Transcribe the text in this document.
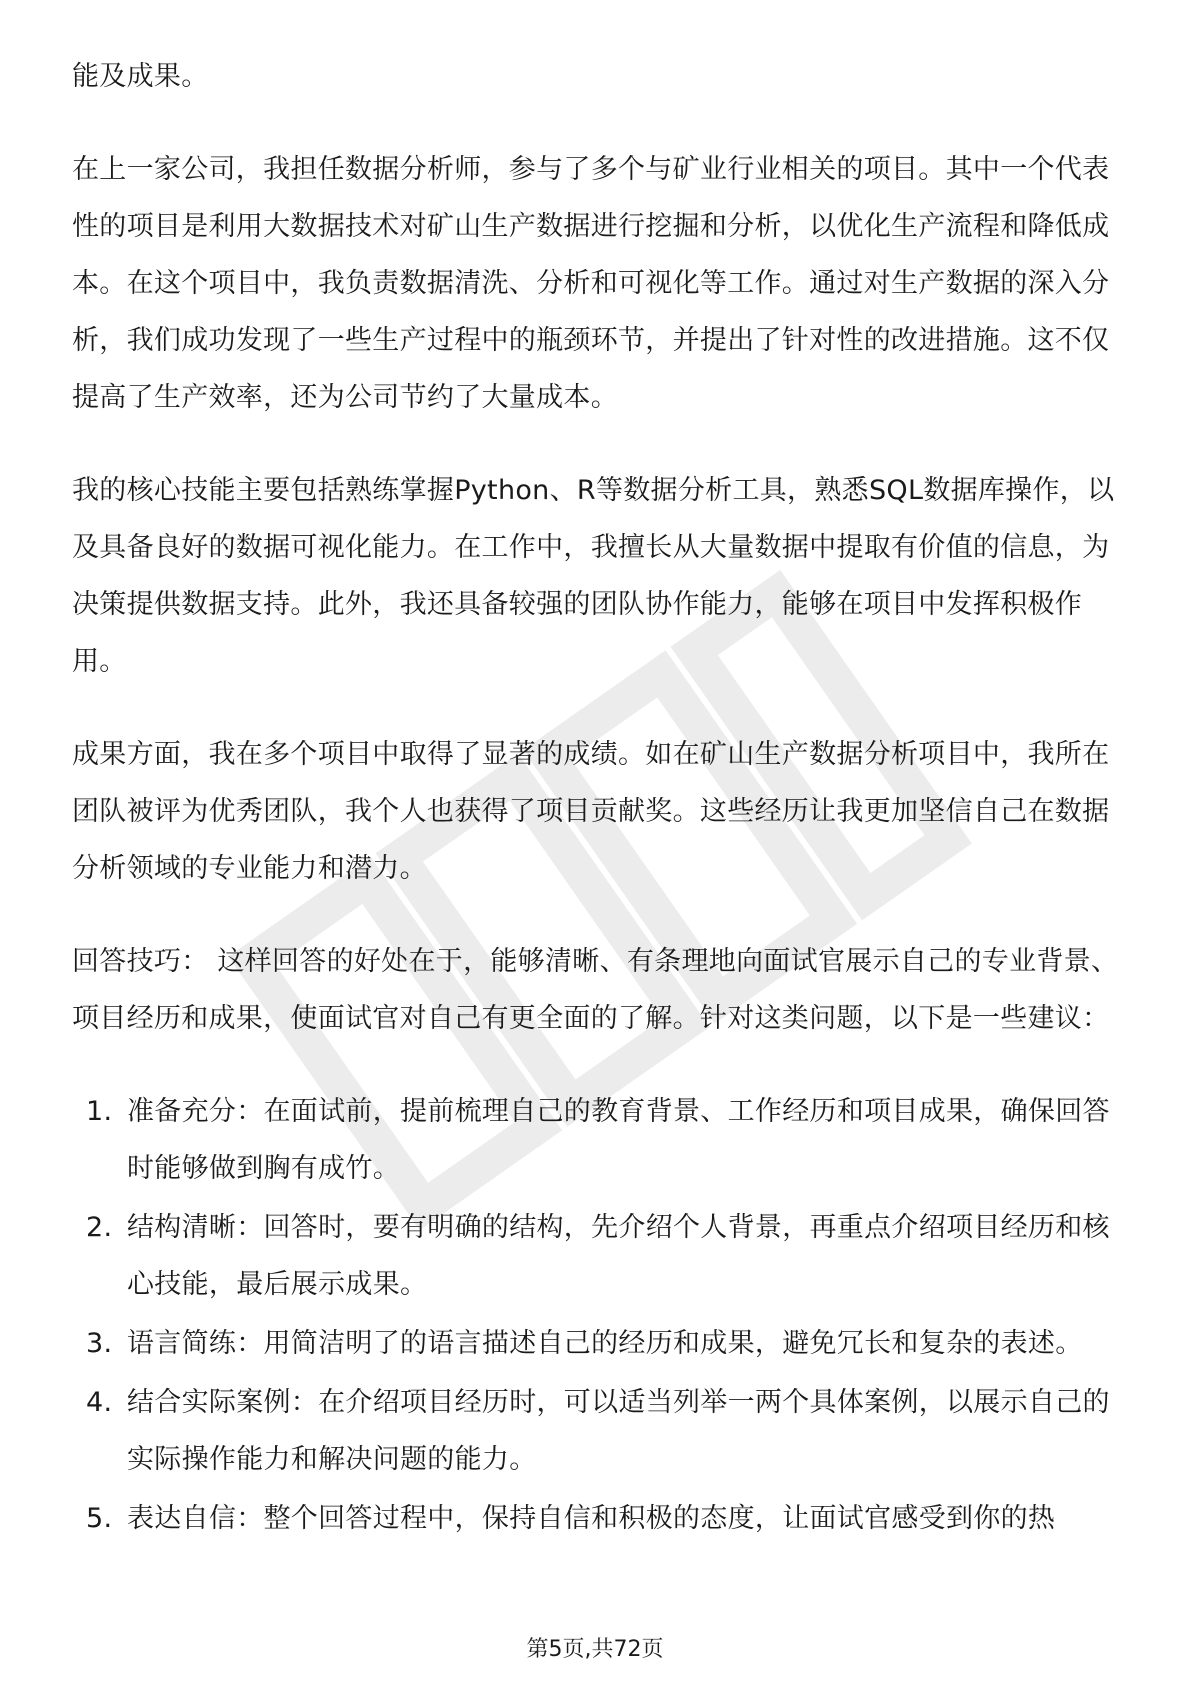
能及成果。

在上一家公司，我担任数据分析师，参与了多个与矿业行业相关的项目。其中一个代表性的项目是利用大数据技术对矿山生产数据进行挖掘和分析，以优化生产流程和降低成本。在这个项目中，我负责数据清洗、分析和可视化等工作。通过对生产数据的深入分析，我们成功发现了一些生产过程中的瓶颈环节，并提出了针对性的改进措施。这不仅提高了生产效率，还为公司节约了大量成本。

我的核心技能主要包括熟练掌握Python、R等数据分析工具，熟悉SQL数据库操作，以及具备良好的数据可视化能力。在工作中，我擅长从大量数据中提取有价值的信息，为决策提供数据支持。此外，我还具备较强的团队协作能力，能够在项目中发挥积极作用。

成果方面，我在多个项目中取得了显著的成绩。如在矿山生产数据分析项目中，我所在团队被评为优秀团队，我个人也获得了项目贡献奖。这些经历让我更加坚信自己在数据分析领域的专业能力和潜力。

回答技巧： 这样回答的好处在于，能够清晰、有条理地向面试官展示自己的专业背景、项目经历和成果，使面试官对自己有更全面的了解。针对这类问题，以下是一些建议：

1. 准备充分：在面试前，提前梳理自己的教育背景、工作经历和项目成果，确保回答时能够做到胸有成竹。
2. 结构清晰：回答时，要有明确的结构，先介绍个人背景，再重点介绍项目经历和核心技能，最后展示成果。
3. 语言简练：用简洁明了的语言描述自己的经历和成果，避免冗长和复杂的表述。
4. 结合实际案例：在介绍项目经历时，可以适当列举一两个具体案例，以展示自己的实际操作能力和解决问题的能力。
5. 表达自信：整个回答过程中，保持自信和积极的态度，让面试官感受到你的热
第5页,共72页
